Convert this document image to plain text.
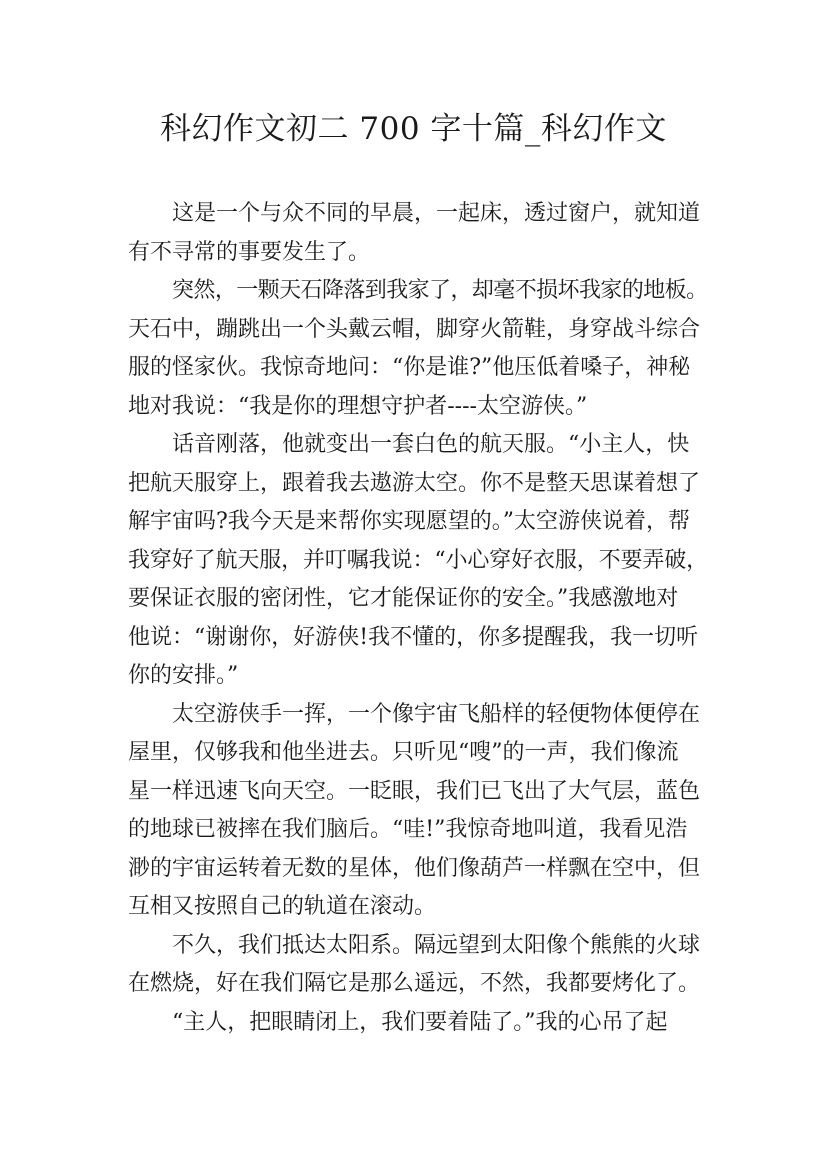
科幻作文初二 700 字十篇_科幻作文
这是一个与众不同的早晨，一起床，透过窗户，就知道
有不寻常的事要发生了。
突然，一颗天石降落到我家了，却毫不损坏我家的地板。
天石中，蹦跳出一个头戴云帽，脚穿火箭鞋，身穿战斗综合
服的怪家伙。我惊奇地问：“你是谁?”他压低着嗓子，神秘
地对我说：“我是你的理想守护者----太空游侠。”
话音刚落，他就变出一套白色的航天服。“小主人，快
把航天服穿上，跟着我去遨游太空。你不是整天思谋着想了
解宇宙吗?我今天是来帮你实现愿望的。”太空游侠说着，帮
我穿好了航天服，并叮嘱我说：“小心穿好衣服，不要弄破，
要保证衣服的密闭性，它才能保证你的安全。”我感激地对
他说：“谢谢你，好游侠!我不懂的，你多提醒我，我一切听
你的安排。”
太空游侠手一挥，一个像宇宙飞船样的轻便物体便停在
屋里，仅够我和他坐进去。只听见“嗖”的一声，我们像流
星一样迅速飞向天空。一眨眼，我们已飞出了大气层，蓝色
的地球已被摔在我们脑后。“哇!”我惊奇地叫道，我看见浩
渺的宇宙运转着无数的星体，他们像葫芦一样飘在空中，但
互相又按照自己的轨道在滚动。
不久，我们抵达太阳系。隔远望到太阳像个熊熊的火球
在燃烧，好在我们隔它是那么遥远，不然，我都要烤化了。
“主人，把眼睛闭上，我们要着陆了。”我的心吊了起
